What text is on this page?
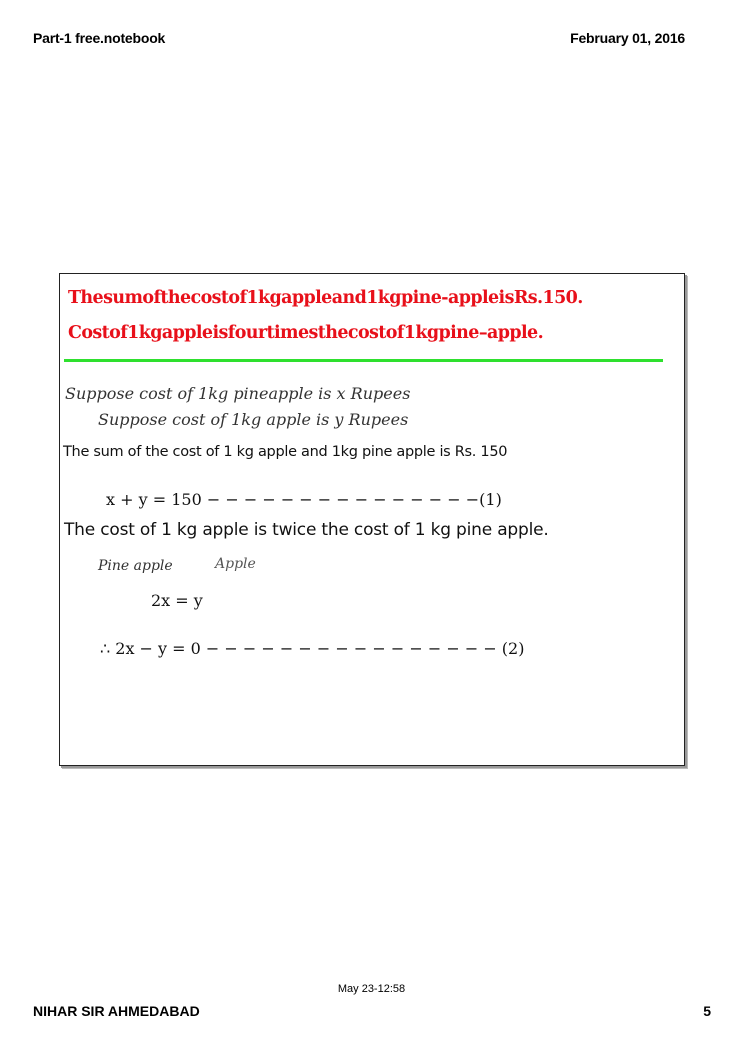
Part-1 free.notebook	February 01, 2016
Thesumofthecostof1kgappleand1kgpine-appleisRs.150.
Costof1kgappleisfourtimesthecostof1kgpine–apple.
Suppose cost of 1kg pineapple is x Rupees
Suppose cost of 1kg apple is y Rupees
The sum of the cost of 1 kg apple and 1kg pine apple is Rs. 150
x + y = 150 − − − − − − − − − − − − − − −(1)
The cost of 1 kg apple is twice the cost of 1 kg pine apple.
Pine apple	Apple
2x = y
∴ 2x − y = 0 − − − − − − − − − − − − − − − − (2)
May 23-12:58
NIHAR SIR AHMEDABAD	5
